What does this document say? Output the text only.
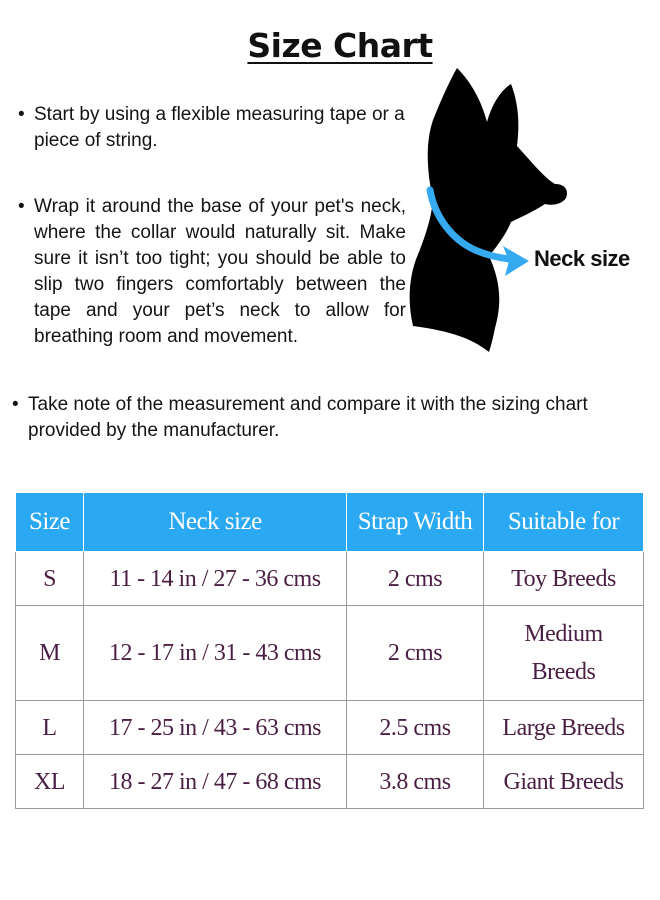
Size Chart
• Start by using a flexible measuring tape or a piece of string.
• Wrap it around the base of your pet's neck, where the collar would naturally sit. Make sure it isn’t too tight; you should be able to slip two fingers comfortably between the tape and your pet’s neck to allow for breathing room and movement.
• Take note of the measurement and compare it with the sizing chart provided by the manufacturer.
Neck size
Size	Neck size	Strap Width	Suitable for
S	11 - 14 in / 27 - 36 cms	2 cms	Toy Breeds
M	12 - 17 in / 31 - 43 cms	2 cms	Medium Breeds
L	17 - 25 in / 43 - 63 cms	2.5 cms	Large Breeds
XL	18 - 27 in / 47 - 68 cms	3.8 cms	Giant Breeds
